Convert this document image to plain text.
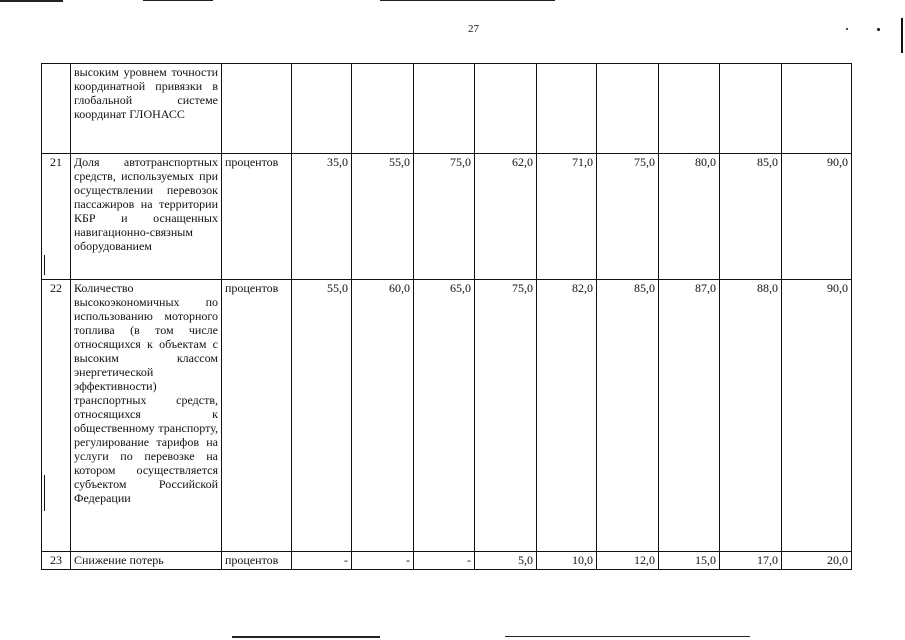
27
	высоким уровнем точности координатной привязки в глобальной системе координат ГЛОНАСС										
21	Доля автотранспортных средств, используемых при осуществлении перевозок пассажиров на территории КБР и оснащенных навигационно-связным оборудованием	процентов	35,0	55,0	75,0	62,0	71,0	75,0	80,0	85,0	90,0
22	Количество высокоэкономичных по использованию моторного топлива (в том числе относящихся к объектам с высоким классом энергетической эффективности) транспортных средств, относящихся к общественному транспорту, регулирование тарифов на услуги по перевозке на котором осуществляется субъектом Российской Федерации	процентов	55,0	60,0	65,0	75,0	82,0	85,0	87,0	88,0	90,0
23	Снижение потерь	процентов	-	-	-	5,0	10,0	12,0	15,0	17,0	20,0
